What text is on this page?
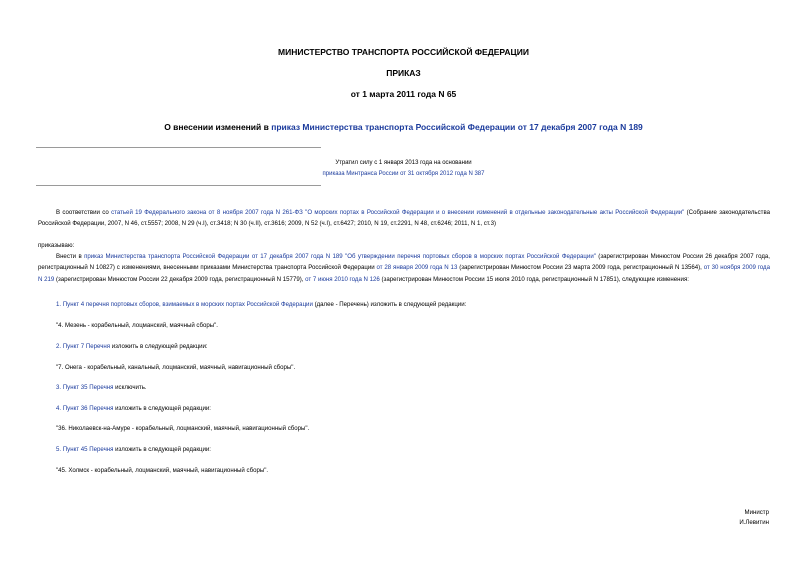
МИНИСТЕРСТВО ТРАНСПОРТА РОССИЙСКОЙ ФЕДЕРАЦИИ
ПРИКАЗ
от 1 марта 2011 года N 65
О внесении изменений в приказ Министерства транспорта Российской Федерации от 17 декабря 2007 года N 189
Утратил силу с 1 января 2013 года на основании
приказа Минтранса России от 31 октября 2012 года N 387
В соответствии со статьей 19 Федерального закона от 8 ноября 2007 года N 261-ФЗ "О морских портах в Российской Федерации и о внесении изменений в отдельные законодательные акты Российской Федерации" (Собрание законодательства Российской Федерации, 2007, N 46, ст.5557; 2008, N 29 (ч.I), ст.3418; N 30 (ч.II), ст.3616; 2009, N 52 (ч.I), ст.6427; 2010, N 19, ст.2291, N 48, ст.6246; 2011, N 1, ст.3)
приказываю:
Внести в приказ Министерства транспорта Российской Федерации от 17 декабря 2007 года N 189 "Об утверждении перечня портовых сборов в морских портах Российской Федерации" (зарегистрирован Минюстом России 26 декабря 2007 года, регистрационный N 10827) с изменениями, внесенными приказами Министерства транспорта Российской Федерации от 28 января 2009 года N 13 (зарегистрирован Минюстом России 23 марта 2009 года, регистрационный N 13564), от 30 ноября 2009 года N 219 (зарегистрирован Минюстом России 22 декабря 2009 года, регистрационный N 15779), от 7 июня 2010 года N 126 (зарегистрирован Минюстом России 15 июля 2010 года, регистрационный N 17851), следующие изменения:
1. Пункт 4 перечня портовых сборов, взимаемых в морских портах Российской Федерации (далее - Перечень) изложить в следующей редакции:
"4. Мезень - корабельный, лоцманский, маячный сборы".
2. Пункт 7 Перечня изложить в следующей редакции:
"7. Онега - корабельный, канальный, лоцманский, маячный, навигационный сборы".
3. Пункт 35 Перечня исключить.
4. Пункт 36 Перечня изложить в следующей редакции:
"36. Николаевск-на-Амуре - корабельный, лоцманский, маячный, навигационный сборы".
5. Пункт 45 Перечня изложить в следующей редакции:
"45. Холмск - корабельный, лоцманский, маячный, навигационный сборы".
Министр
И.Левитин
